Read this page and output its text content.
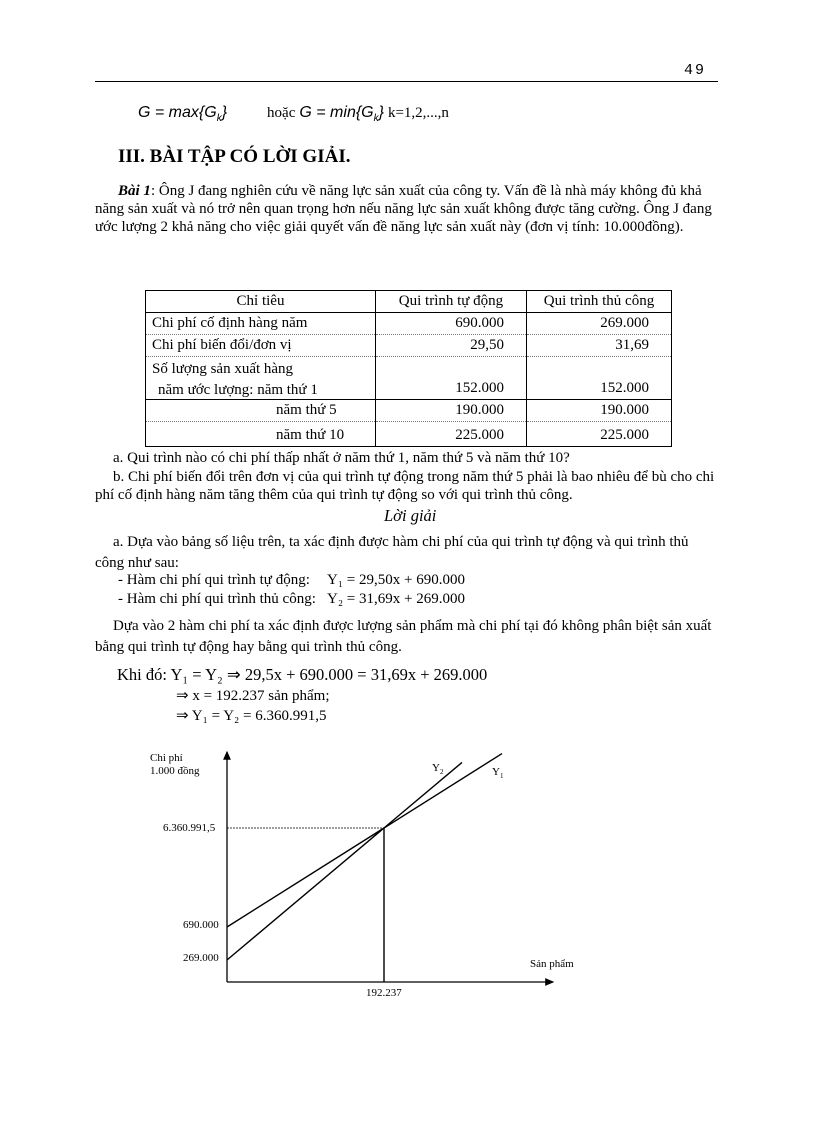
49
$G = \max\{G_k\}$	hoặc $G = \min\{G_k\}$ k=1,2,...,n
III. BÀI TẬP CÓ LỜI GIẢI.
Bài 1: Ông J đang nghiên cứu về năng lực sản xuất của công ty. Vấn đề là nhà máy không đủ khả năng sản xuất và nó trở nên quan trọng hơn nếu năng lực sản xuất không được tăng cường. Ông J đang ước lượng 2 khả năng cho việc giải quyết vấn đề năng lực sản xuất này (đơn vị tính: 10.000đồng).
Chỉ tiêu	Qui trình tự động	Qui trình thủ công
Chi phí cố định hàng năm	690.000	269.000
Chi phí biến đổi/đơn vị	29,50	31,69
Số lượng sản xuất hàng		
năm ước lượng: năm thứ 1	152.000	152.000
năm thứ 5	190.000	190.000
năm thứ 10	225.000	225.000
a. Qui trình nào có chi phí thấp nhất ở năm thứ 1, năm thứ 5 và năm thứ 10?
b. Chi phí biến đổi trên đơn vị của qui trình tự động trong năm thứ 5 phải là bao nhiêu để bù cho chi phí cố định hàng năm tăng thêm của qui trình tự động so với qui trình thủ công.
Lời giải
a. Dựa vào bảng số liệu trên, ta xác định được hàm chi phí của qui trình tự động và qui trình thủ công như sau:
- Hàm chi phí qui trình tự động: Y₁ = 29,50x + 690.000
- Hàm chi phí qui trình thủ công: Y₂ = 31,69x + 269.000
Dựa vào 2 hàm chi phí ta xác định được lượng sản phẩm mà chi phí tại đó không phân biệt sản xuất bằng qui trình tự động hay bằng qui trình thủ công.
Khi đó: Y₁ = Y₂ ⇒ 29,5x + 690.000 = 31,69x + 269.000
⇒ x = 192.237 sản phẩm;
⇒ Y₁ = Y₂ = 6.360.991,5
Chi phí
1.000 đồng
Sản phẩm
6.360.991,5
690.000
269.000
192.237
$Y_2$	$Y_1$
